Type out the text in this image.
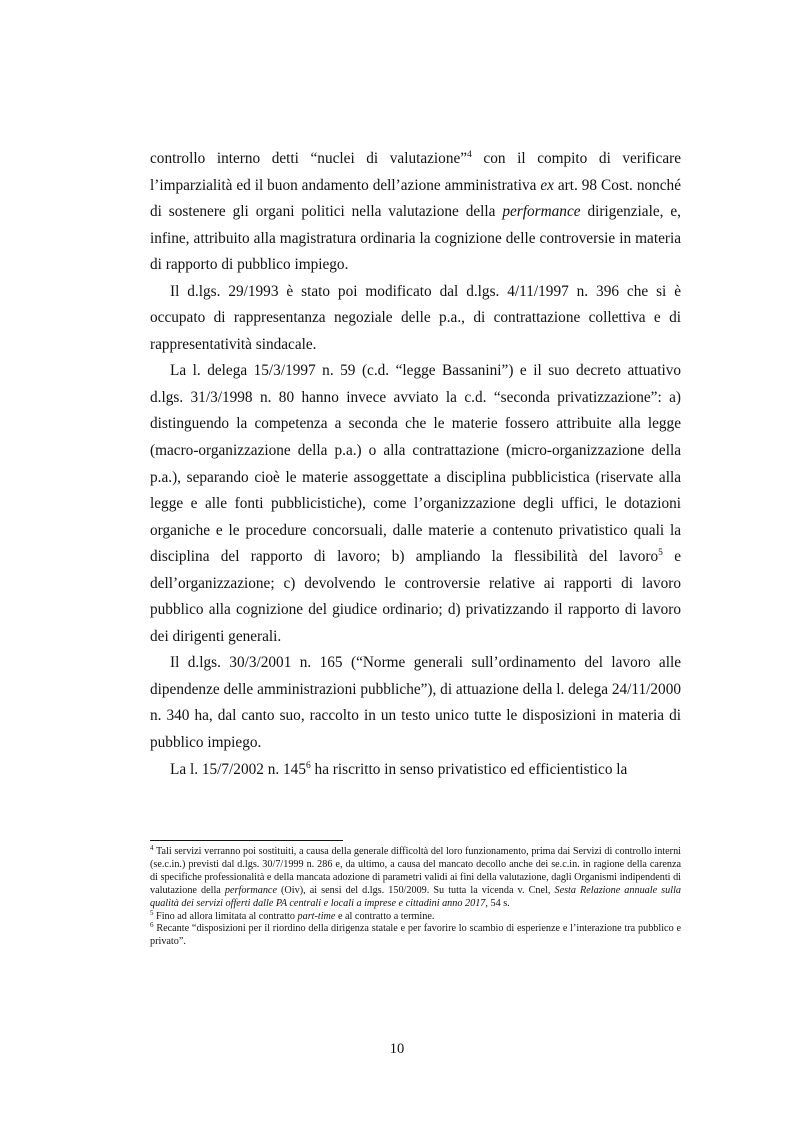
controllo interno detti “nuclei di valutazione”$^4$ con il compito di verificare l’imparzialità ed il buon andamento dell’azione amministrativa ex art. 98 Cost. nonché di sostenere gli organi politici nella valutazione della performance dirigenziale, e, infine, attribuito alla magistratura ordinaria la cognizione delle controversie in materia di rapporto di pubblico impiego.

Il d.lgs. 29/1993 è stato poi modificato dal d.lgs. 4/11/1997 n. 396 che si è occupato di rappresentanza negoziale delle p.a., di contrattazione collettiva e di rappresentatività sindacale.

La l. delega 15/3/1997 n. 59 (c.d. “legge Bassanini”) e il suo decreto attuativo d.lgs. 31/3/1998 n. 80 hanno invece avviato la c.d. “seconda privatizzazione”: a) distinguendo la competenza a seconda che le materie fossero attribuite alla legge (macro-organizzazione della p.a.) o alla contrattazione (micro-organizzazione della p.a.), separando cioè le materie assoggettate a disciplina pubblicistica (riservate alla legge e alle fonti pubblicistiche), come l’organizzazione degli uffici, le dotazioni organiche e le procedure concorsuali, dalle materie a contenuto privatistico quali la disciplina del rapporto di lavoro; b) ampliando la flessibilità del lavoro$^5$ e dell’organizzazione; c) devolvendo le controversie relative ai rapporti di lavoro pubblico alla cognizione del giudice ordinario; d) privatizzando il rapporto di lavoro dei dirigenti generali.

Il d.lgs. 30/3/2001 n. 165 (“Norme generali sull’ordinamento del lavoro alle dipendenze delle amministrazioni pubbliche”), di attuazione della l. delega 24/11/2000 n. 340 ha, dal canto suo, raccolto in un testo unico tutte le disposizioni in materia di pubblico impiego.

La l. 15/7/2002 n. $145^6$ ha riscritto in senso privatistico ed efficientistico la

$^4$ Tali servizi verranno poi sostituiti, a causa della generale difficoltà del loro funzionamento, prima dai Servizi di controllo interni (se.c.in.) previsti dal d.lgs. 30/7/1999 n. 286 e, da ultimo, a causa del mancato decollo anche dei se.c.in. in ragione della carenza di specifiche professionalità e della mancata adozione di parametri validi ai fini della valutazione, dagli Organismi indipendenti di valutazione della performance (Oiv), ai sensi del d.lgs. 150/2009. Su tutta la vicenda v. Cnel, Sesta Relazione annuale sulla qualità dei servizi offerti dalle PA centrali e locali a imprese e cittadini anno 2017, 54 s.

$^5$ Fino ad allora limitata al contratto part-time e al contratto a termine.

$^6$ Recante “disposizioni per il riordino della dirigenza statale e per favorire lo scambio di esperienze e l’interazione tra pubblico e privato”.

10
